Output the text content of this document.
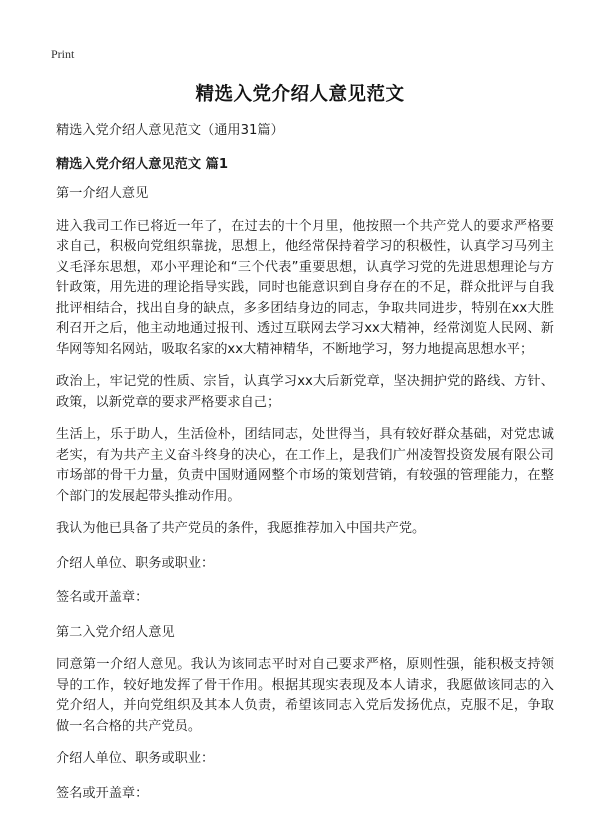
Print
精选入党介绍人意见范文

精选入党介绍人意见范文（通用31篇）

精选入党介绍人意见范文 篇1

第一介绍人意见

进入我司工作已将近一年了，在过去的十个月里，他按照一个共产党人的要求严格要求自己，积极向党组织靠拢，思想上，他经常保持着学习的积极性，认真学习马列主义毛泽东思想，邓小平理论和“三个代表”重要思想，认真学习党的先进思想理论与方针政策，用先进的理论指导实践，同时也能意识到自身存在的不足，群众批评与自我批评相结合，找出自身的缺点，多多团结身边的同志，争取共同进步，特别在xx大胜利召开之后，他主动地通过报刊、透过互联网去学习xx大精神，经常浏览人民网、新华网等知名网站，吸取名家的xx大精神精华，不断地学习，努力地提高思想水平；

政治上，牢记党的性质、宗旨，认真学习xx大后新党章，坚决拥护党的路线、方针、政策，以新党章的要求严格要求自己；

生活上，乐于助人，生活俭朴，团结同志，处世得当，具有较好群众基础，对党忠诚老实，有为共产主义奋斗终身的决心，在工作上，是我们广州凌智投资发展有限公司市场部的骨干力量，负责中国财通网整个市场的策划营销，有较强的管理能力，在整个部门的发展起带头推动作用。

我认为他已具备了共产党员的条件，我愿推荐加入中国共产党。

介绍人单位、职务或职业：

签名或开盖章：

第二入党介绍人意见

同意第一介绍人意见。我认为该同志平时对自己要求严格，原则性强，能积极支持领导的工作，较好地发挥了骨干作用。根据其现实表现及本人请求，我愿做该同志的入党介绍人，并向党组织及其本人负责，希望该同志入党后发扬优点，克服不足，争取做一名合格的共产党员。

介绍人单位、职务或职业：

签名或开盖章：
